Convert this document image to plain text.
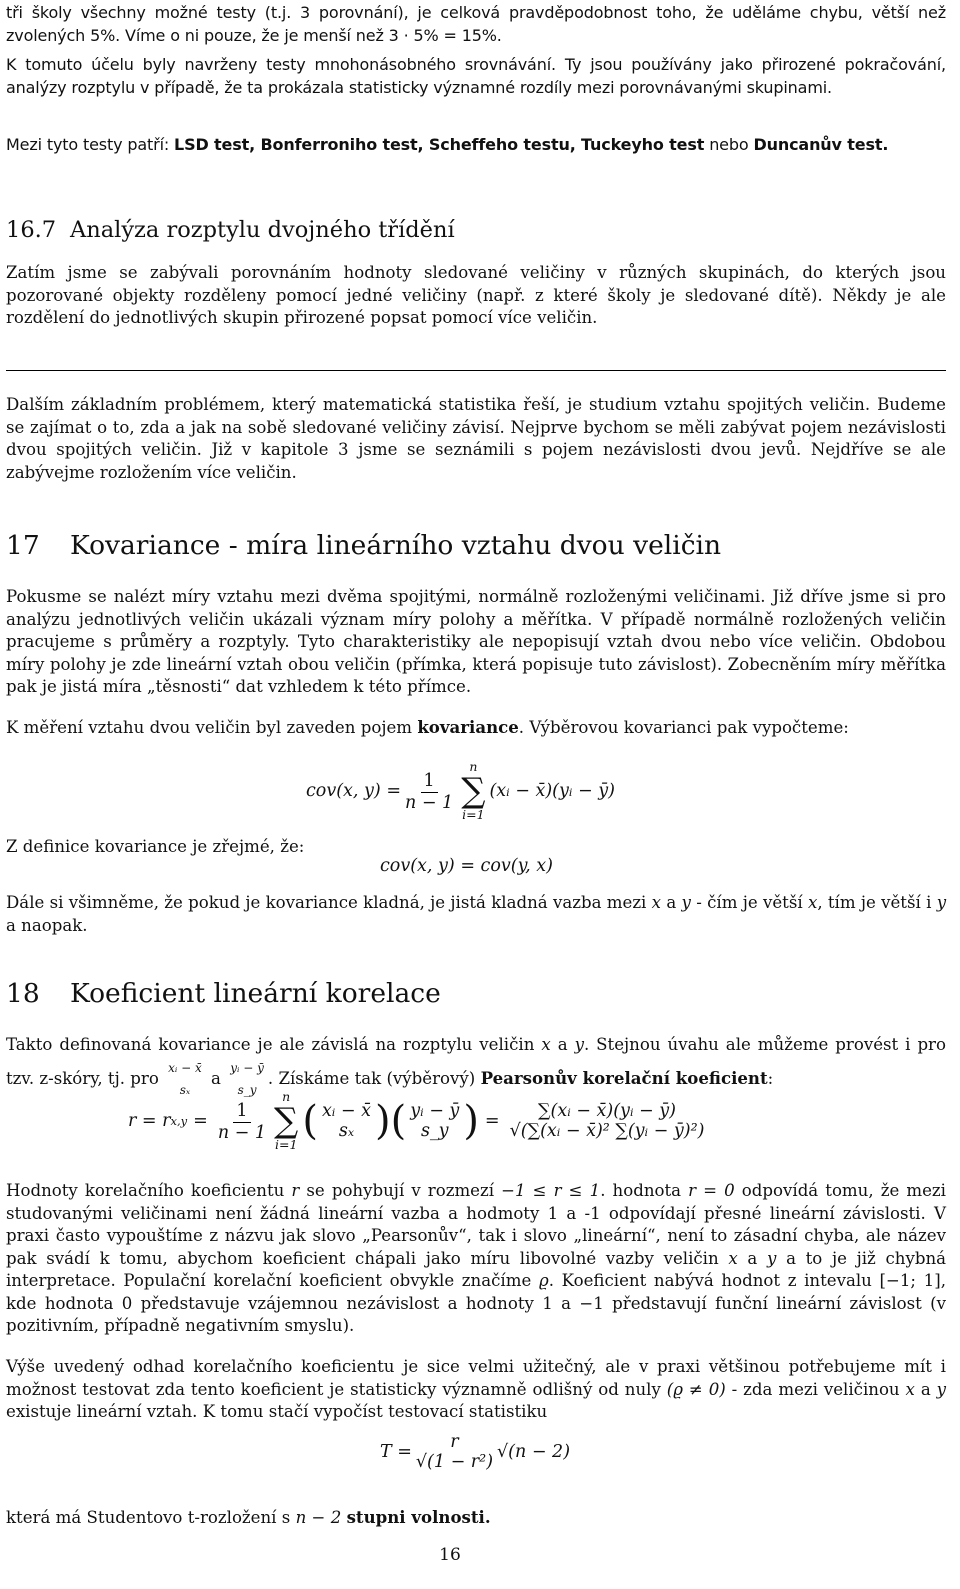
tři školy všechny možné testy (t.j. 3 porovnání), je celková pravděpodobnost toho, že uděláme chybu, větší než zvolených 5%. Víme o ni pouze, že je menší než 3 · 5% = 15%.

K tomuto účelu byly navrženy testy mnohonásobného srovnávání. Ty jsou používány jako přirozené pokračování, analýzy rozptylu v případě, že ta prokázala statisticky významné rozdíly mezi porovnávanými skupinami.

Mezi tyto testy patří: LSD test, Bonferroniho test, Scheffeho testu, Tuckeyho test nebo Duncanův test.

16.7 Analýza rozptylu dvojného třídění

Zatím jsme se zabývali porovnáním hodnoty sledované veličiny v různých skupinách, do kterých jsou pozorované objekty rozděleny pomocí jedné veličiny (např. z které školy je sledované dítě). Někdy je ale rozdělení do jednotlivých skupin přirozené popsat pomocí více veličin.

Dalším základním problémem, který matematická statistika řeší, je studium vztahu spojitých veličin. Budeme se zajímat o to, zda a jak na sobě sledované veličiny závisí. Nejprve bychom se měli zabývat pojem nezávislosti dvou spojitých veličin. Již v kapitole 3 jsme se seznámili s pojem nezávislosti dvou jevů. Nejdříve se ale zabývejme rozložením více veličin.

17 Kovariance - míra lineárního vztahu dvou veličin

Pokusme se nalézt míry vztahu mezi dvěma spojitými, normálně rozloženými veličinami. Již dříve jsme si pro analýzu jednotlivých veličin ukázali význam míry polohy a měřítka. V případě normálně rozložených veličin pracujeme s průměry a rozptyly. Tyto charakteristiky ale nepopisují vztah dvou nebo více veličin. Obdobou míry polohy je zde lineární vztah obou veličin (přímka, která popisuje tuto závislost). Zobecněním míry měřítka pak je jistá míra „těsnosti“ dat vzhledem k této přímce.

K měření vztahu dvou veličin byl zaveden pojem kovariance. Výběrovou kovarianci pak vypočteme:

cov(x, $y) = \frac{1}{n - 1}$
n
∑
i=1
(xᵢ − x̄)(yᵢ − ȳ)

Z definice kovariance je zřejmé, že:

cov(x, y) = cov(y, x)

Dále si všimněme, že pokud je kovariance kladná, je jistá kladná vazba mezi x a y - čím je větší x, tím je větší i y a naopak.

18 Koeficient lineární korelace

Takto definovaná kovariance je ale závislá na rozptylu veličin x a y. Stejnou úvahu ale můžeme provést i pro tzv. z-skóry, tj. pro
xᵢ − x̄
sₓ
a
yᵢ − ȳ
s_y
. Získáme tak (výběrový) Pearsonův korelační koeficient:

r = r $x,y = \frac{1}{n - 1}$
n
∑
i=1
( xᵢ − x̄
sₓ ) ( yᵢ − ȳ
s_y ) = ∑(xᵢ − x̄)(yᵢ − ȳ)
√(∑(xᵢ − x̄)² ∑(yᵢ − ȳ)²)

Hodnoty korelačního koeficientu r se pohybují v rozmezí −1 ≤ r ≤ 1. hodnota r = 0 odpovídá tomu, že mezi studovanými veličinami není žádná lineární vazba a hodmoty 1 a -1 odpovídají přesné lineární závislosti. V praxi často vypouštíme z názvu jak slovo „Pearsonův“, tak i slovo „lineární“, není to zásadní chyba, ale název pak svádí k tomu, abychom koeficient chápali jako míru libovolné vazby veličin x a y a to je již chybná interpretace. Populační korelační koeficient obvykle značíme ϱ. Koeficient nabývá hodnot z intevalu [−1; 1], kde hodnota 0 představuje vzájemnou nezávislost a hodnoty 1 a −1 představují funční lineární závislost (v pozitivním, případně negativním smyslu).

Výše uvedený odhad korelačního koeficientu je sice velmi užitečný, ale v praxi většinou potřebujeme mít i možnost testovat zda tento koeficient je statisticky významně odlišný od nuly (ϱ ≠ 0) - zda mezi veličinou x a y existuje lineární vztah. K tomu stačí vypočíst testovací statistiku

T = r
√(1 − r²) √(n − 2)

která má Studentovo t-rozložení s n − 2 stupni volnosti.

16
